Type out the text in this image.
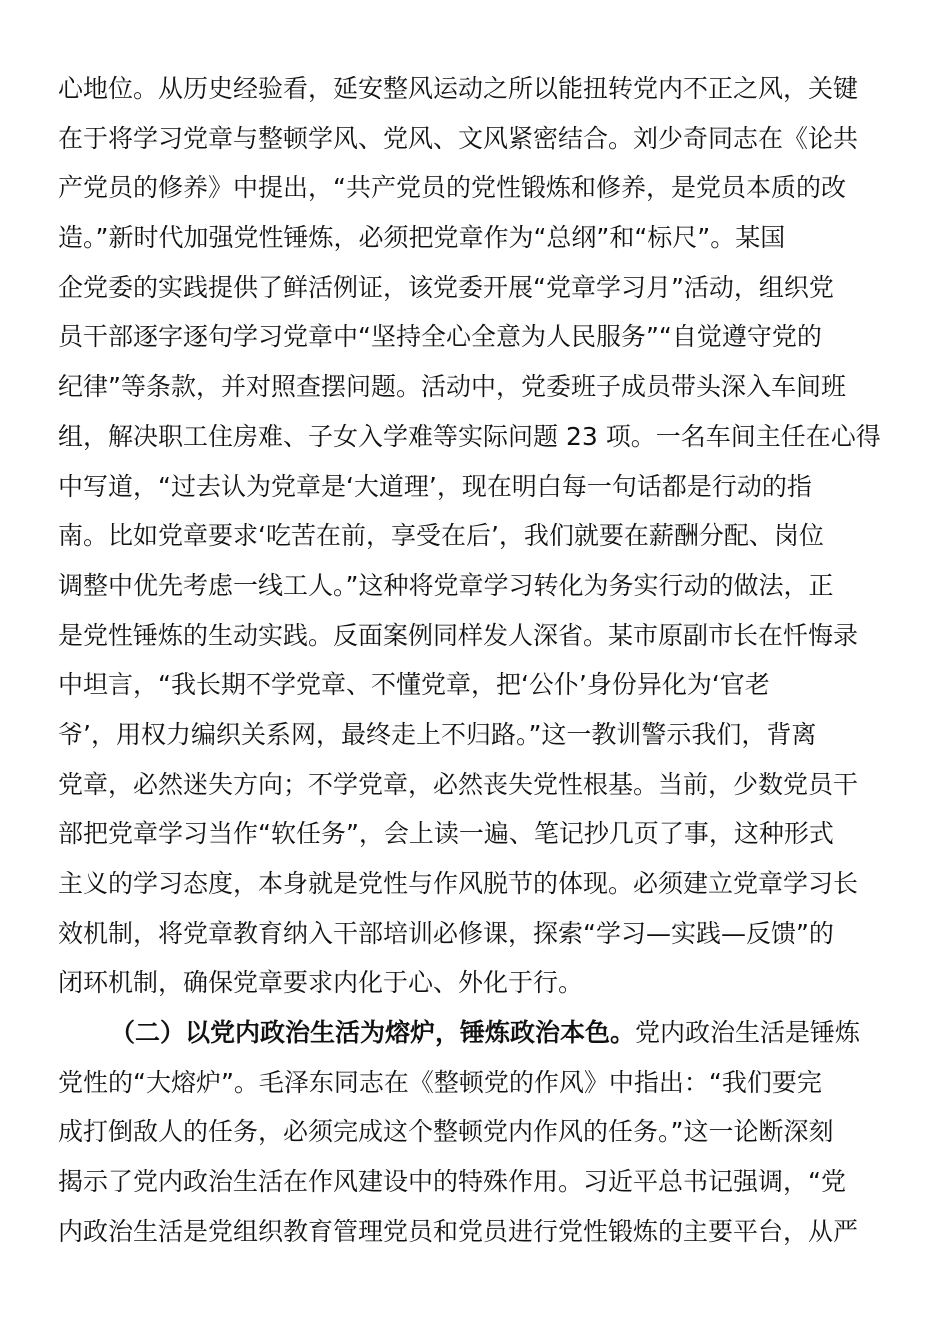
心地位。从历史经验看，延安整风运动之所以能扭转党内不正之风，关键
在于将学习党章与整顿学风、党风、文风紧密结合。刘少奇同志在《论共
产党员的修养》中提出，“共产党员的党性锻炼和修养，是党员本质的改
造。”新时代加强党性锤炼，必须把党章作为“总纲”和“标尺”。某国
企党委的实践提供了鲜活例证，该党委开展“党章学习月”活动，组织党
员干部逐字逐句学习党章中“坚持全心全意为人民服务”“自觉遵守党的
纪律”等条款，并对照查摆问题。活动中，党委班子成员带头深入车间班
组，解决职工住房难、子女入学难等实际问题 23 项。一名车间主任在心得
中写道，“过去认为党章是‘大道理’，现在明白每一句话都是行动的指
南。比如党章要求‘吃苦在前，享受在后’，我们就要在薪酬分配、岗位
调整中优先考虑一线工人。”这种将党章学习转化为务实行动的做法，正
是党性锤炼的生动实践。反面案例同样发人深省。某市原副市长在忏悔录
中坦言，“我长期不学党章、不懂党章，把‘公仆’身份异化为‘官老
爷’，用权力编织关系网，最终走上不归路。”这一教训警示我们，背离
党章，必然迷失方向；不学党章，必然丧失党性根基。当前，少数党员干
部把党章学习当作“软任务”，会上读一遍、笔记抄几页了事，这种形式
主义的学习态度，本身就是党性与作风脱节的体现。必须建立党章学习长
效机制，将党章教育纳入干部培训必修课，探索“学习—实践—反馈”的
闭环机制，确保党章要求内化于心、外化于行。
（二）以党内政治生活为熔炉，锤炼政治本色。党内政治生活是锤炼
党性的“大熔炉”。毛泽东同志在《整顿党的作风》中指出：“我们要完
成打倒敌人的任务，必须完成这个整顿党内作风的任务。”这一论断深刻
揭示了党内政治生活在作风建设中的特殊作用。习近平总书记强调，“党
内政治生活是党组织教育管理党员和党员进行党性锻炼的主要平台，从严
